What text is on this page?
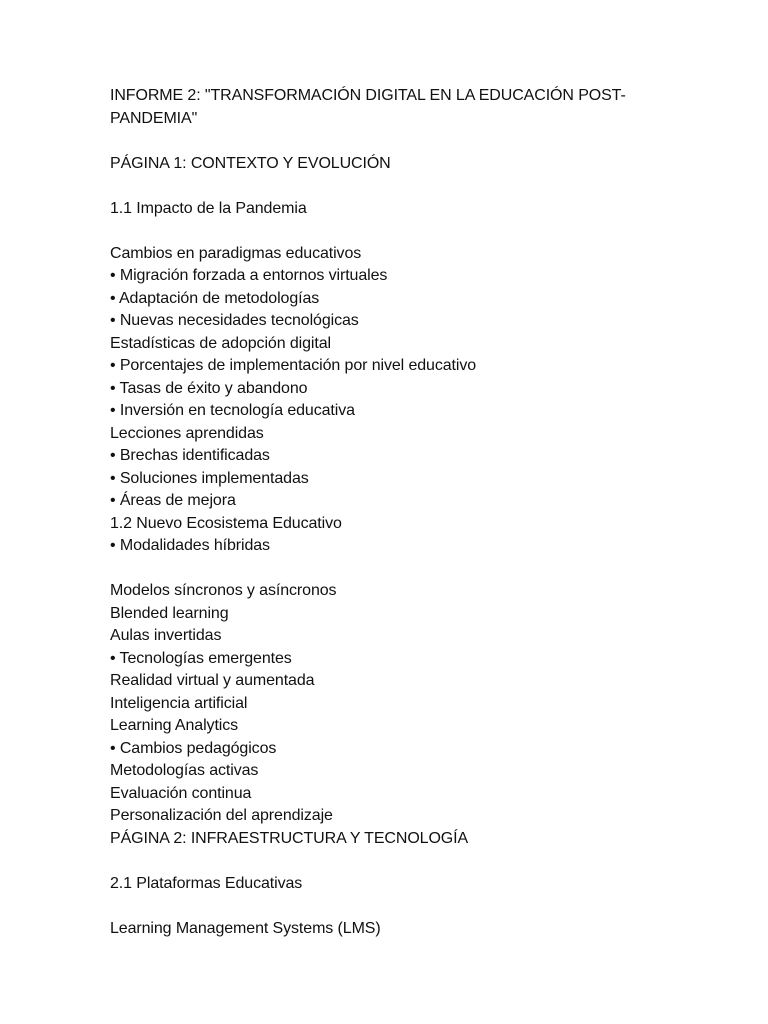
INFORME 2: "TRANSFORMACIÓN DIGITAL EN LA EDUCACIÓN POST-
PANDEMIA"
PÁGINA 1: CONTEXTO Y EVOLUCIÓN
1.1 Impacto de la Pandemia
Cambios en paradigmas educativos
• Migración forzada a entornos virtuales
• Adaptación de metodologías
• Nuevas necesidades tecnológicas
Estadísticas de adopción digital
• Porcentajes de implementación por nivel educativo
• Tasas de éxito y abandono
• Inversión en tecnología educativa
Lecciones aprendidas
• Brechas identificadas
• Soluciones implementadas
• Áreas de mejora
1.2 Nuevo Ecosistema Educativo
• Modalidades híbridas
Modelos síncronos y asíncronos
Blended learning
Aulas invertidas
• Tecnologías emergentes
Realidad virtual y aumentada
Inteligencia artificial
Learning Analytics
• Cambios pedagógicos
Metodologías activas
Evaluación continua
Personalización del aprendizaje
PÁGINA 2: INFRAESTRUCTURA Y TECNOLOGÍA
2.1 Plataformas Educativas
Learning Management Systems (LMS)
